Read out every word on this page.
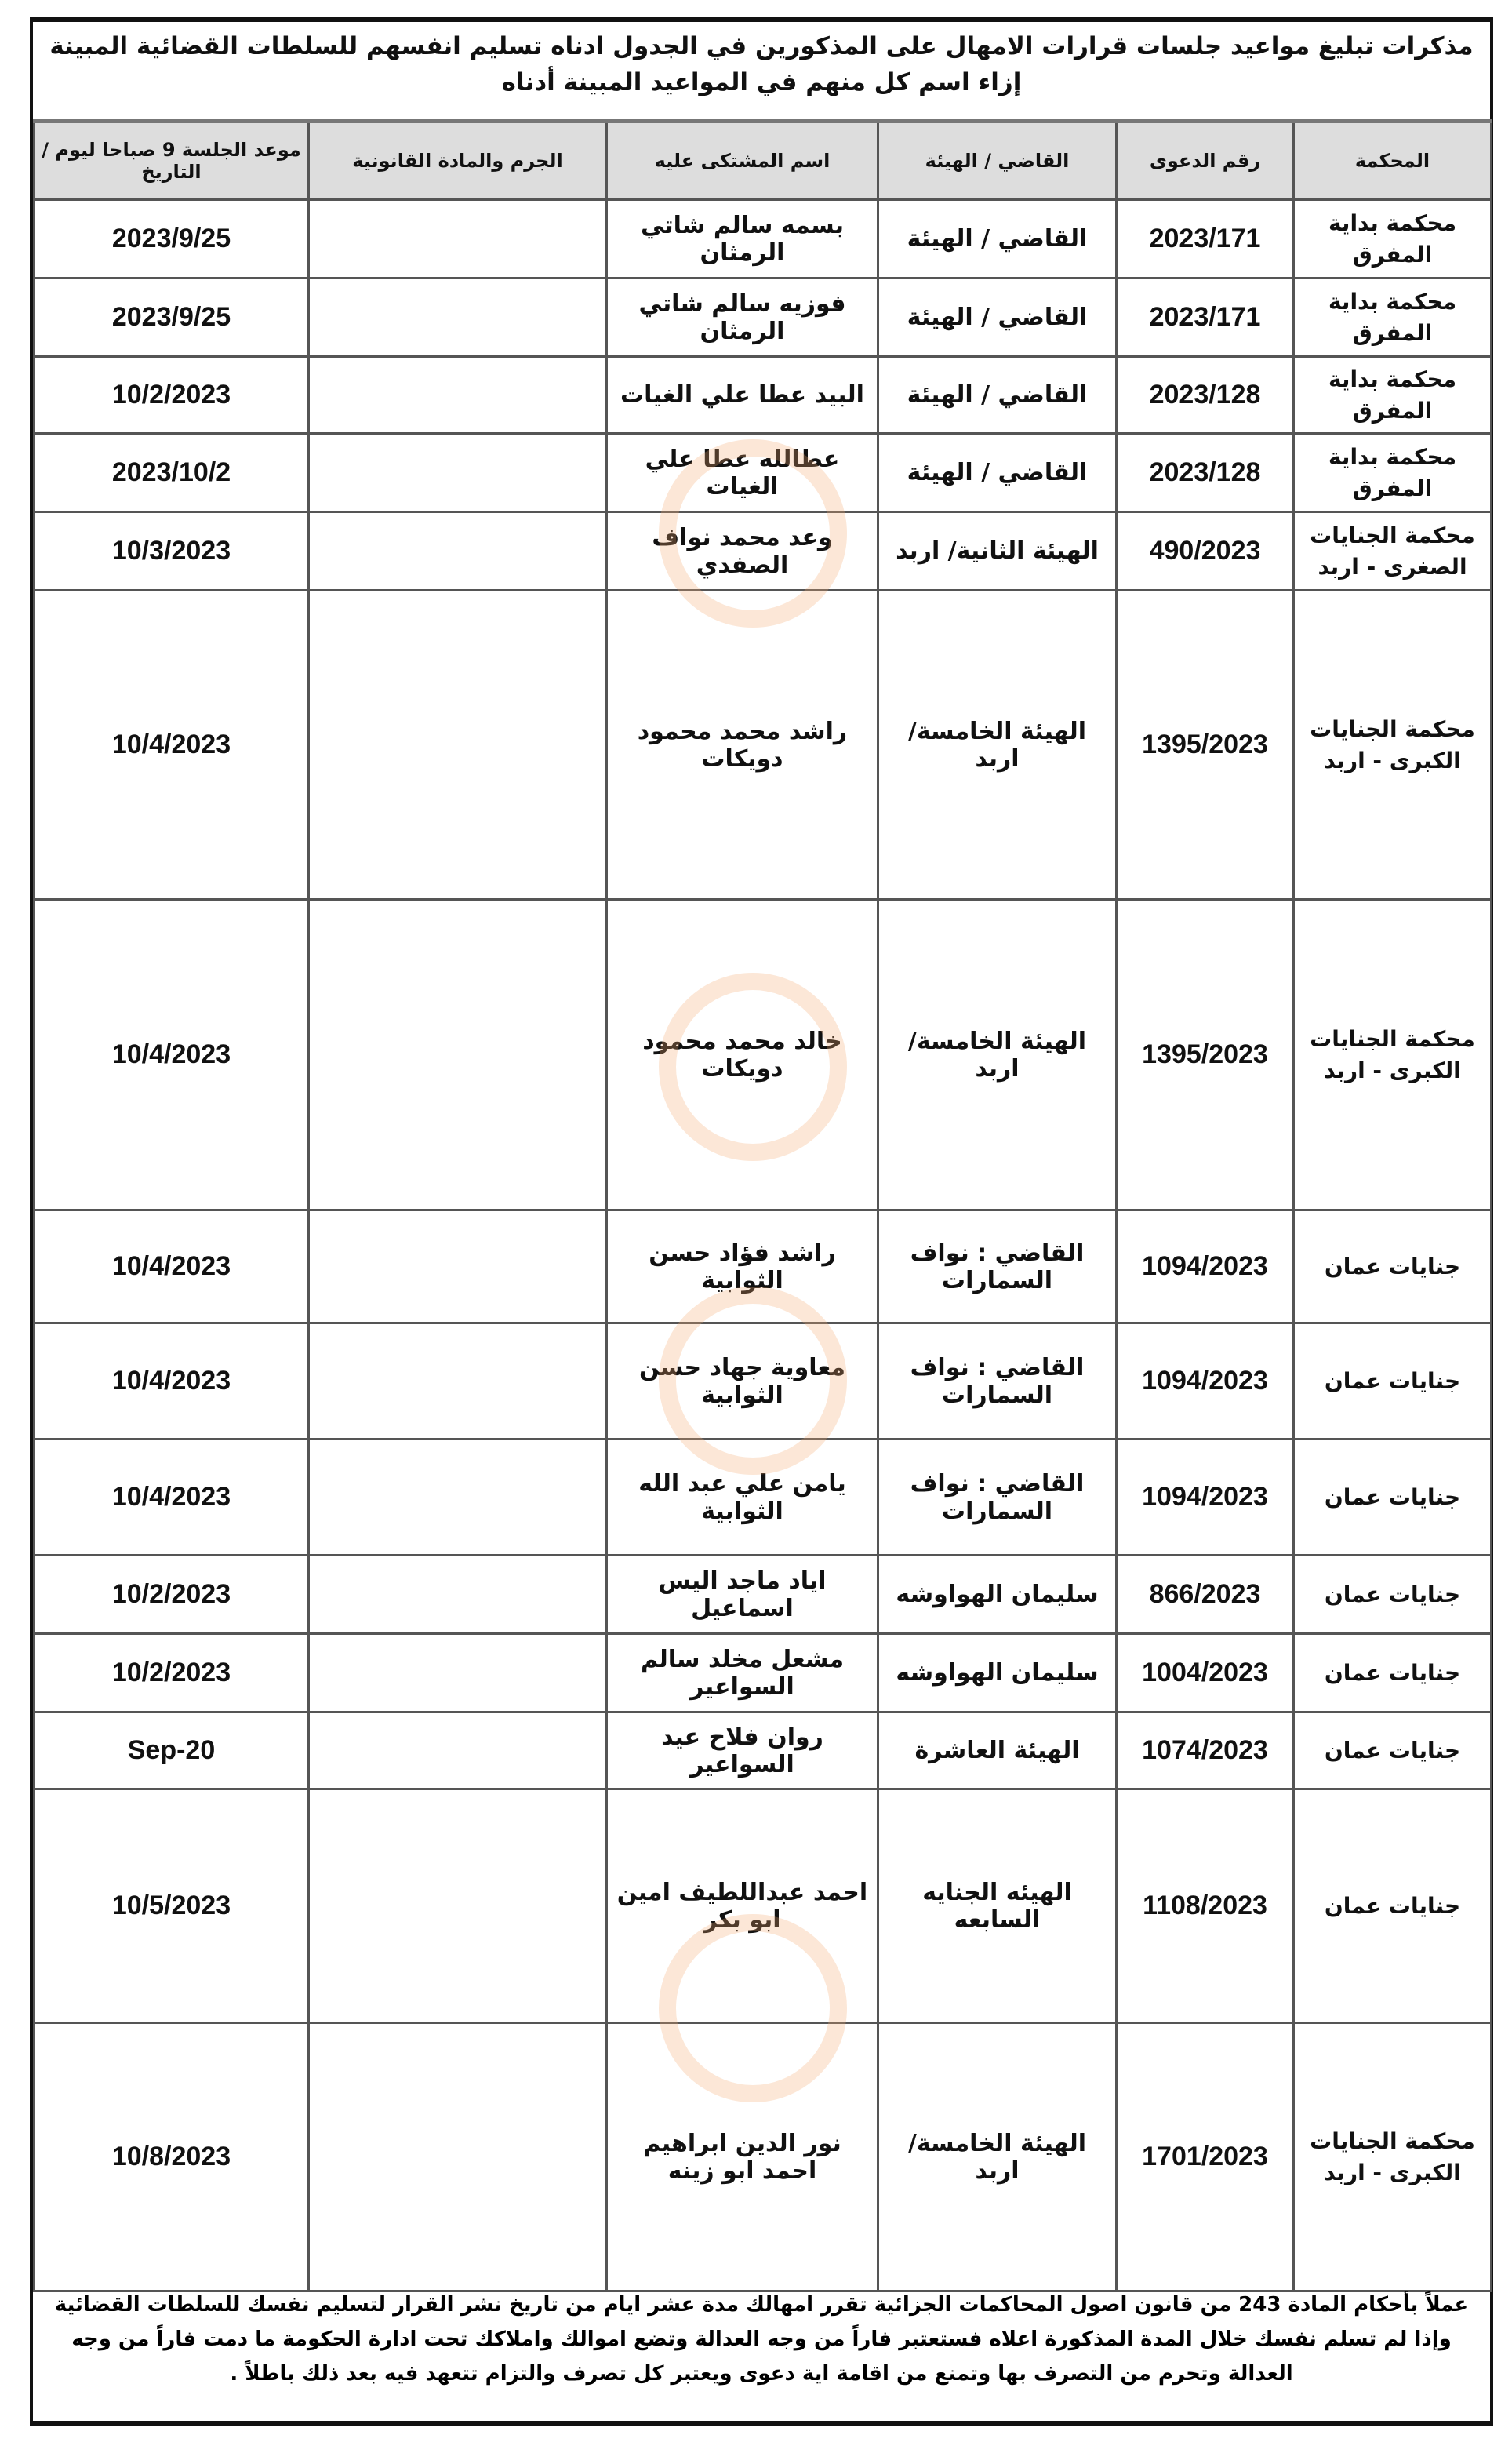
مذكرات تبليغ مواعيد جلسات قرارات الامهال على المذكورين في الجدول ادناه تسليم انفسهم للسلطات القضائية المبينة إزاء اسم كل منهم في المواعيد المبينة أدناه
المحكمة	رقم الدعوى	القاضي / الهيئة	اسم المشتكى عليه	الجرم والمادة القانونية	موعد الجلسة 9 صباحا ليوم / التاريخ
محكمة بداية المفرق	2023/171	القاضي / الهيئة	بسمه سالم شاتي الرمثان		2023/9/25
محكمة بداية المفرق	2023/171	القاضي / الهيئة	فوزيه سالم شاتي الرمثان		2023/9/25
محكمة بداية المفرق	2023/128	القاضي / الهيئة	البيد عطا علي الغيات		10/2/2023
محكمة بداية المفرق	2023/128	القاضي / الهيئة	عطالله عطا علي الغيات		2023/10/2
محكمة الجنايات الصغرى - اربد	490/2023	الهيئة الثانية/ اربد	وعد محمد نواف الصفدي		10/3/2023
محكمة الجنايات الكبرى - اربد	1395/2023	الهيئة الخامسة/ اربد	راشد محمد محمود دويكات		10/4/2023
محكمة الجنايات الكبرى - اربد	1395/2023	الهيئة الخامسة/ اربد	خالد محمد محمود دويكات		10/4/2023
جنايات عمان	1094/2023	القاضي : نواف السمارات	راشد فؤاد حسن الثوابية		10/4/2023
جنايات عمان	1094/2023	القاضي : نواف السمارات	معاوية جهاد حسن الثوابية		10/4/2023
جنايات عمان	1094/2023	القاضي : نواف السمارات	يامن علي عبد الله الثوابية		10/4/2023
جنايات عمان	866/2023	سليمان الهواوشه	اياد ماجد اليس اسماعيل		10/2/2023
جنايات عمان	1004/2023	سليمان الهواوشه	مشعل مخلد سالم السواعير		10/2/2023
جنايات عمان	1074/2023	الهيئة العاشرة	روان فلاح عيد السواعير		20-Sep
جنايات عمان	1108/2023	الهيئه الجنايه السابعه	احمد عبداللطيف امين ابو بكر		10/5/2023
محكمة الجنايات الكبرى - اربد	1701/2023	الهيئة الخامسة/ اربد	نور الدين ابراهيم احمد ابو زينه		10/8/2023
عملاً بأحكام المادة 243 من قانون اصول المحاكمات الجزائية تقرر امهالك مدة عشر ايام من تاريخ نشر القرار لتسليم نفسك للسلطات القضائية وإذا لم تسلم نفسك خلال المدة المذكورة اعلاه فستعتبر فاراً من وجه العدالة وتضع اموالك واملاكك تحت ادارة الحكومة ما دمت فاراً من وجه العدالة وتحرم من التصرف بها وتمنع من اقامة اية دعوى ويعتبر كل تصرف والتزام تتعهد فيه بعد ذلك باطلاً .
